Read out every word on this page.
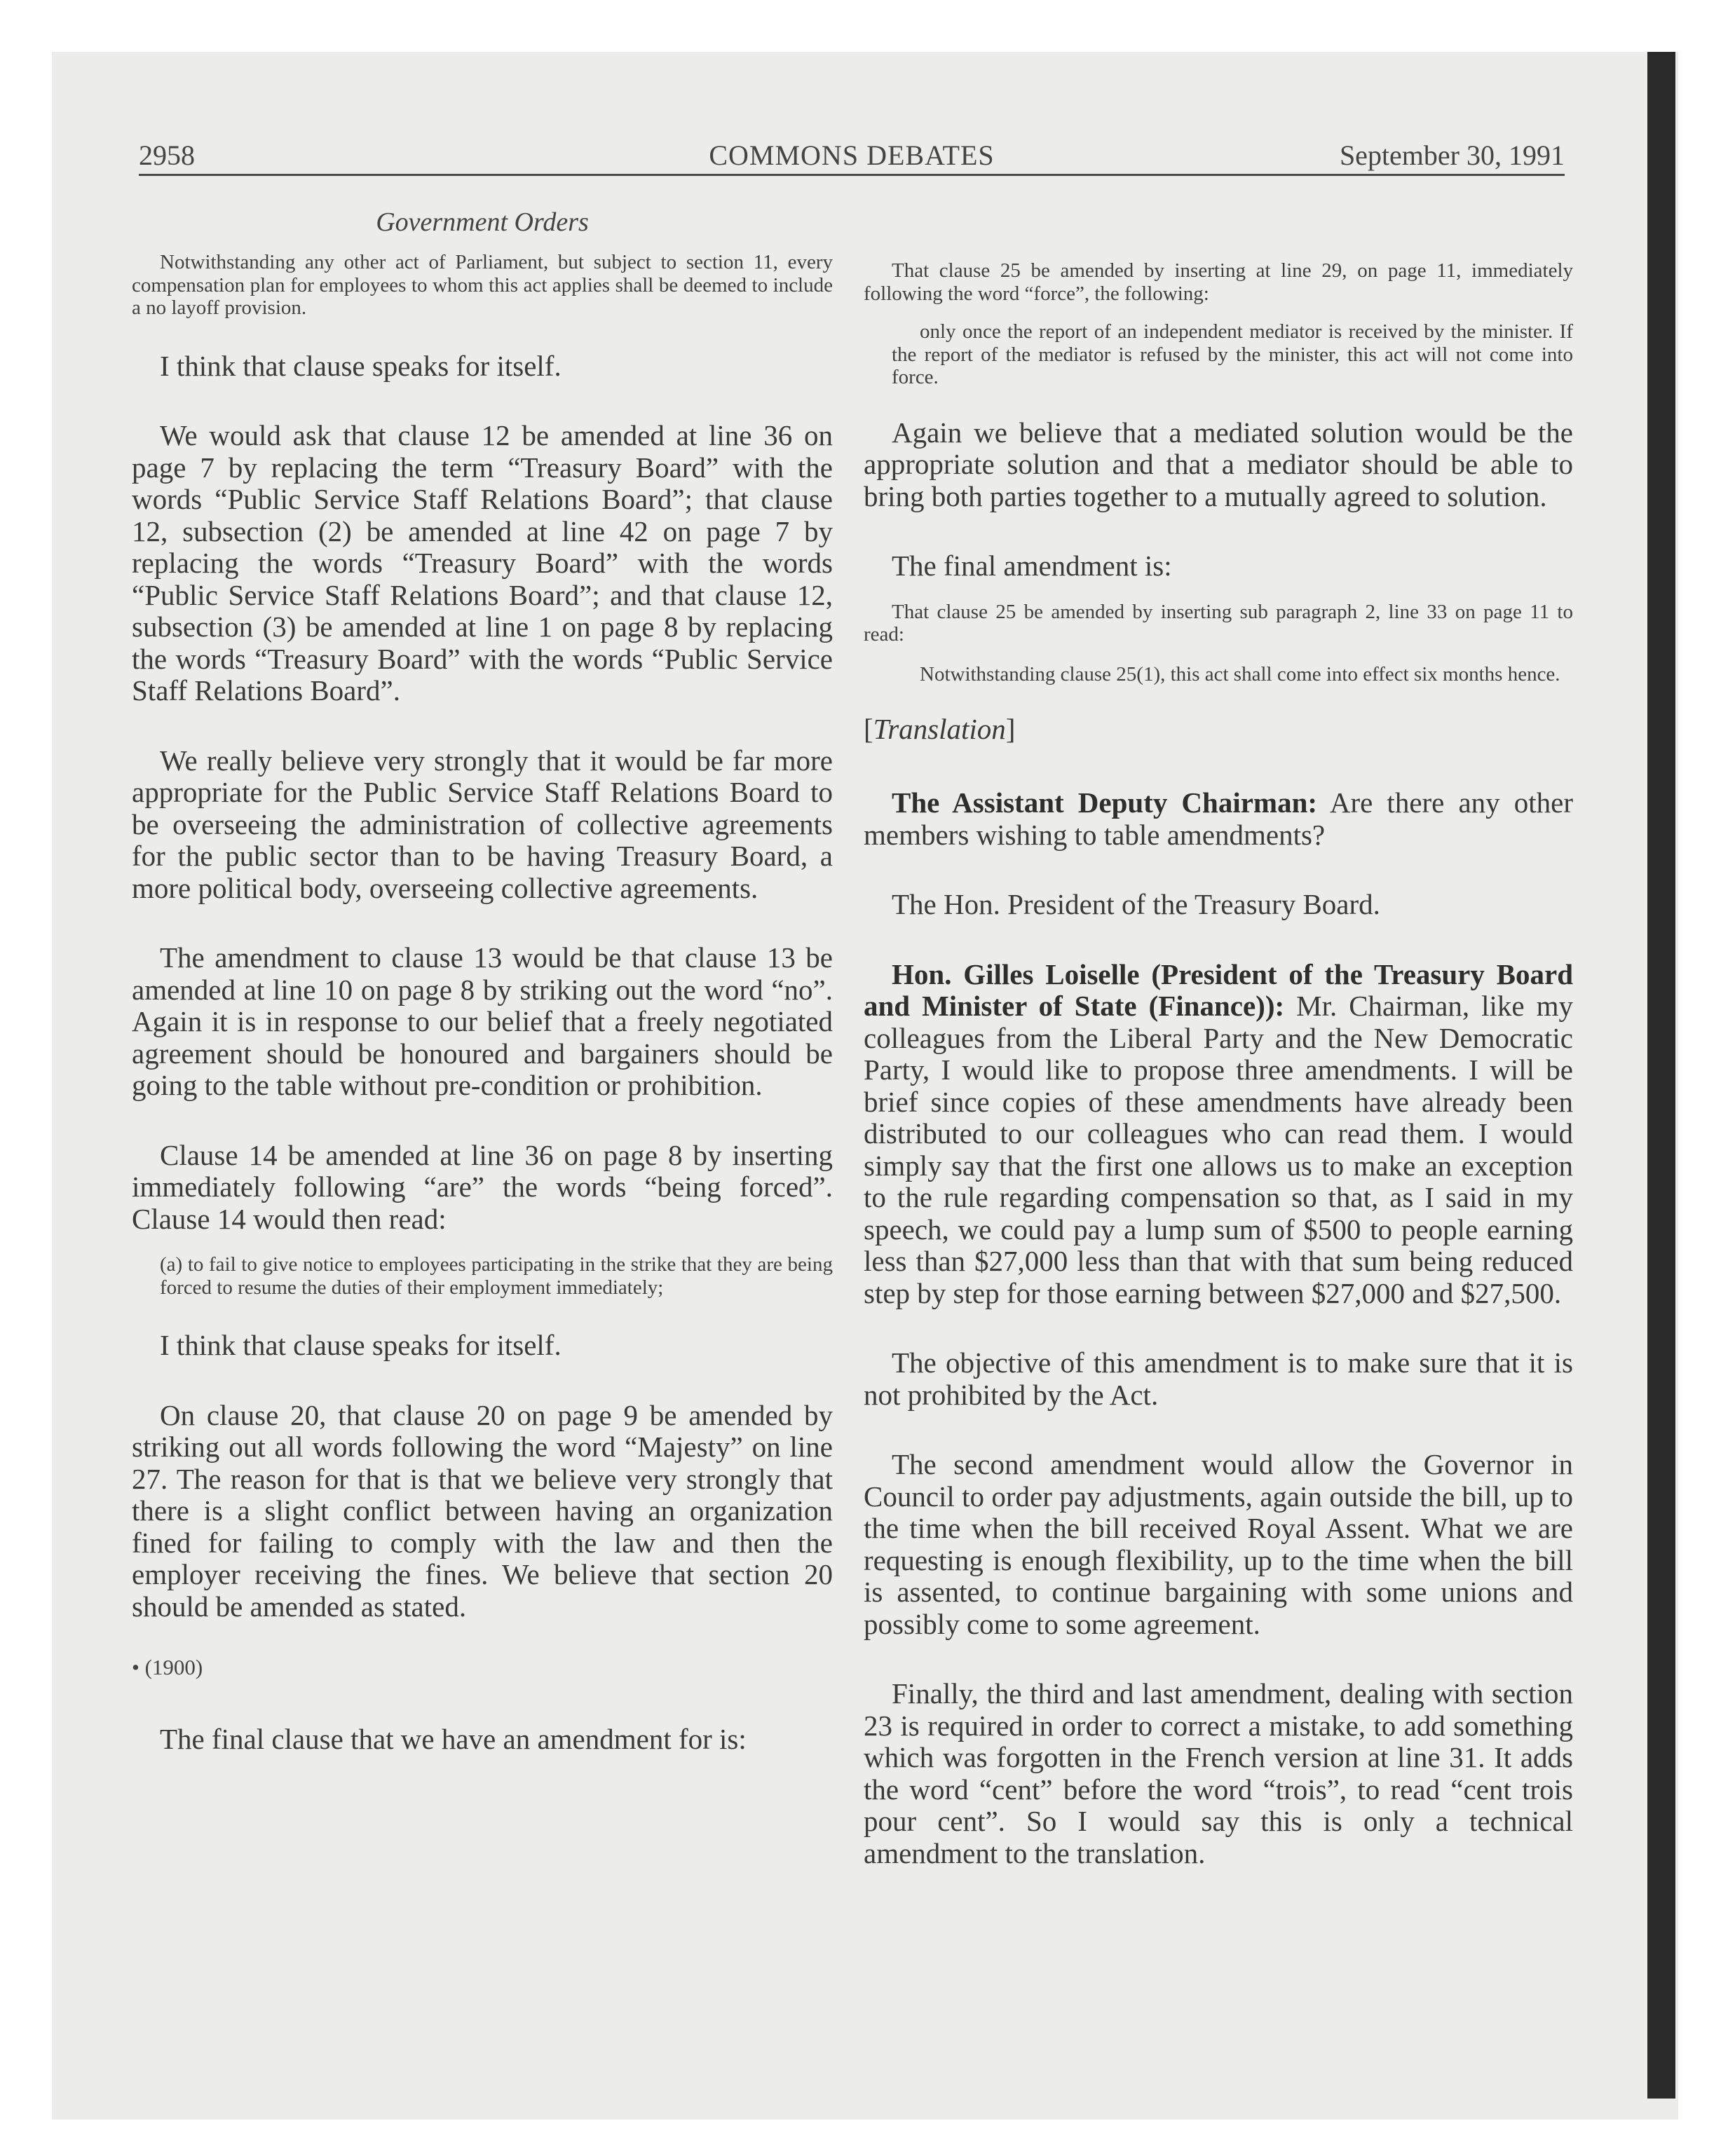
2958	COMMONS DEBATES	September 30, 1991
Government Orders
Notwithstanding any other act of Parliament, but subject to section 11, every compensation plan for employees to whom this act applies shall be deemed to include a no layoff provision.
I think that clause speaks for itself.
We would ask that clause 12 be amended at line 36 on page 7 by replacing the term “Treasury Board” with the words “Public Service Staff Relations Board”; that clause 12, subsection (2) be amended at line 42 on page 7 by replacing the words “Treasury Board” with the words “Public Service Staff Relations Board”; and that clause 12, subsection (3) be amended at line 1 on page 8 by replacing the words “Treasury Board” with the words “Public Service Staff Relations Board”.
We really believe very strongly that it would be far more appropriate for the Public Service Staff Relations Board to be overseeing the administration of collective agreements for the public sector than to be having Treasury Board, a more political body, overseeing collective agreements.
The amendment to clause 13 would be that clause 13 be amended at line 10 on page 8 by striking out the word “no”. Again it is in response to our belief that a freely negotiated agreement should be honoured and bargainers should be going to the table without pre-condition or prohibition.
Clause 14 be amended at line 36 on page 8 by inserting immediately following “are” the words “being forced”. Clause 14 would then read:
(a) to fail to give notice to employees participating in the strike that they are being forced to resume the duties of their employment immediately;
I think that clause speaks for itself.
On clause 20, that clause 20 on page 9 be amended by striking out all words following the word “Majesty” on line 27. The reason for that is that we believe very strongly that there is a slight conflict between having an organization fined for failing to comply with the law and then the employer receiving the fines. We believe that section 20 should be amended as stated.
• (1900)
The final clause that we have an amendment for is:
That clause 25 be amended by inserting at line 29, on page 11, immediately following the word “force”, the following:
only once the report of an independent mediator is received by the minister. If the report of the mediator is refused by the minister, this act will not come into force.
Again we believe that a mediated solution would be the appropriate solution and that a mediator should be able to bring both parties together to a mutually agreed to solution.
The final amendment is:
That clause 25 be amended by inserting sub paragraph 2, line 33 on page 11 to read:
Notwithstanding clause 25(1), this act shall come into effect six months hence.
[Translation]
The Assistant Deputy Chairman: Are there any other members wishing to table amendments?
The Hon. President of the Treasury Board.
Hon. Gilles Loiselle (President of the Treasury Board and Minister of State (Finance)): Mr. Chairman, like my colleagues from the Liberal Party and the New Democratic Party, I would like to propose three amendments. I will be brief since copies of these amendments have already been distributed to our colleagues who can read them. I would simply say that the first one allows us to make an exception to the rule regarding compensation so that, as I said in my speech, we could pay a lump sum of $500 to people earning less than $27,000 less than that with that sum being reduced step by step for those earning between $27,000 and $27,500.
The objective of this amendment is to make sure that it is not prohibited by the Act.
The second amendment would allow the Governor in Council to order pay adjustments, again outside the bill, up to the time when the bill received Royal Assent. What we are requesting is enough flexibility, up to the time when the bill is assented, to continue bargaining with some unions and possibly come to some agreement.
Finally, the third and last amendment, dealing with section 23 is required in order to correct a mistake, to add something which was forgotten in the French version at line 31. It adds the word “cent” before the word “trois”, to read “cent trois pour cent”. So I would say this is only a technical amendment to the translation.
